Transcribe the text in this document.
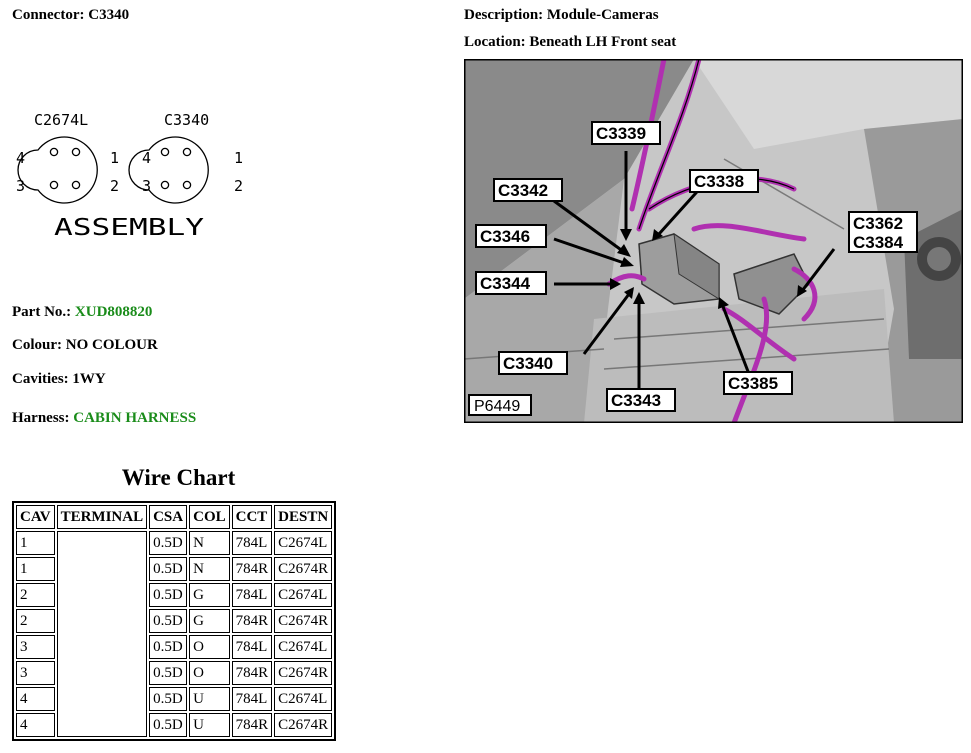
Connector: C3340	Description: Module-Cameras
Location: Beneath LH Front seat
C2674L	C3340
4
3
1
2
4
3
1
2
ASSEMBLY
C3339
C3342	C3338
C3346
C3344
C3362
C3384
C3340
C3343
C3385
P6449
Part No.: XUD808820
Colour: NO COLOUR
Cavities: 1WY
Harness: CABIN HARNESS
Wire Chart
CAV	TERMINAL	CSA	COL	CCT	DESTN
1		0.5D	N	784L	C2674L
1		0.5D	N	784R	C2674R
2		0.5D	G	784L	C2674L
2		0.5D	G	784R	C2674R
3		0.5D	O	784L	C2674L
3		0.5D	O	784R	C2674R
4		0.5D	U	784L	C2674L
4		0.5D	U	784R	C2674R
